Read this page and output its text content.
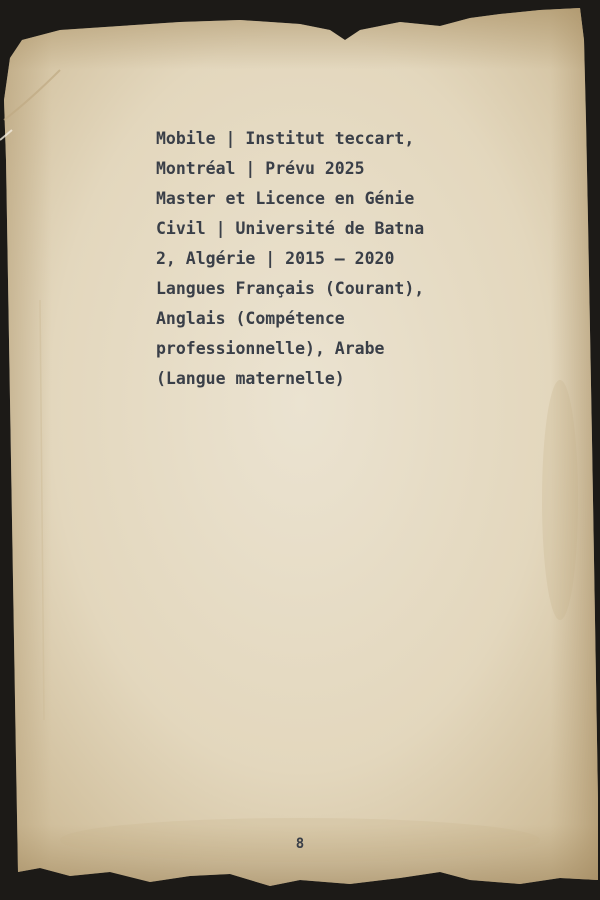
Mobile | Institut teccart,
Montréal | Prévu 2025
Master et Licence en Génie
Civil | Université de Batna
2, Algérie | 2015 – 2020
Langues Français (Courant),
Anglais (Compétence
professionnelle), Arabe
(Langue maternelle)
8
